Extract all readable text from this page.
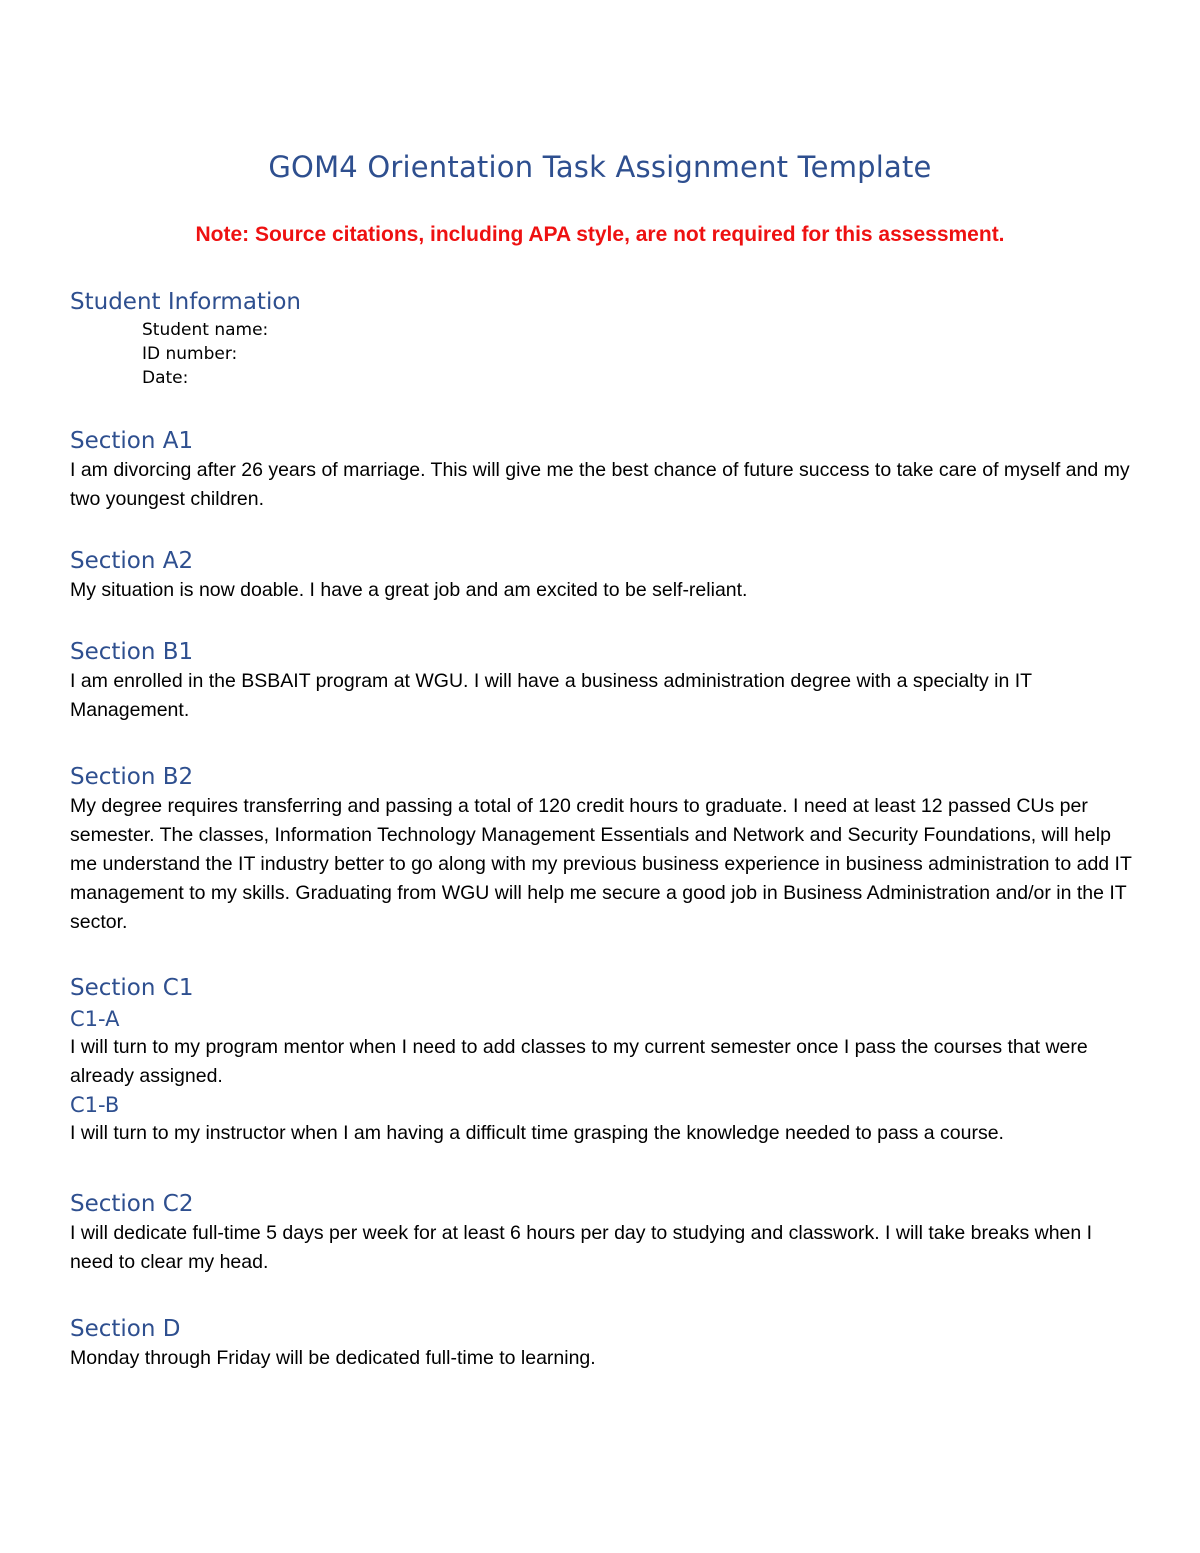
GOM4 Orientation Task Assignment Template
Note: Source citations, including APA style, are not required for this assessment.
Student Information
Student name:
ID number:
Date:
Section A1
I am divorcing after 26 years of marriage. This will give me the best chance of future success to take care of myself and my two youngest children.
Section A2
My situation is now doable. I have a great job and am excited to be self-reliant.
Section B1
I am enrolled in the BSBAIT program at WGU. I will have a business administration degree with a specialty in IT Management.
Section B2
My degree requires transferring and passing a total of 120 credit hours to graduate. I need at least 12 passed CUs per semester. The classes, Information Technology Management Essentials and Network and Security Foundations, will help me understand the IT industry better to go along with my previous business experience in business administration to add IT management to my skills. Graduating from WGU will help me secure a good job in Business Administration and/or in the IT sector.
Section C1
C1-A
I will turn to my program mentor when I need to add classes to my current semester once I pass the courses that were already assigned.
C1-B
I will turn to my instructor when I am having a difficult time grasping the knowledge needed to pass a course.
Section C2
I will dedicate full-time 5 days per week for at least 6 hours per day to studying and classwork. I will take breaks when I need to clear my head.
Section D
Monday through Friday will be dedicated full-time to learning.
